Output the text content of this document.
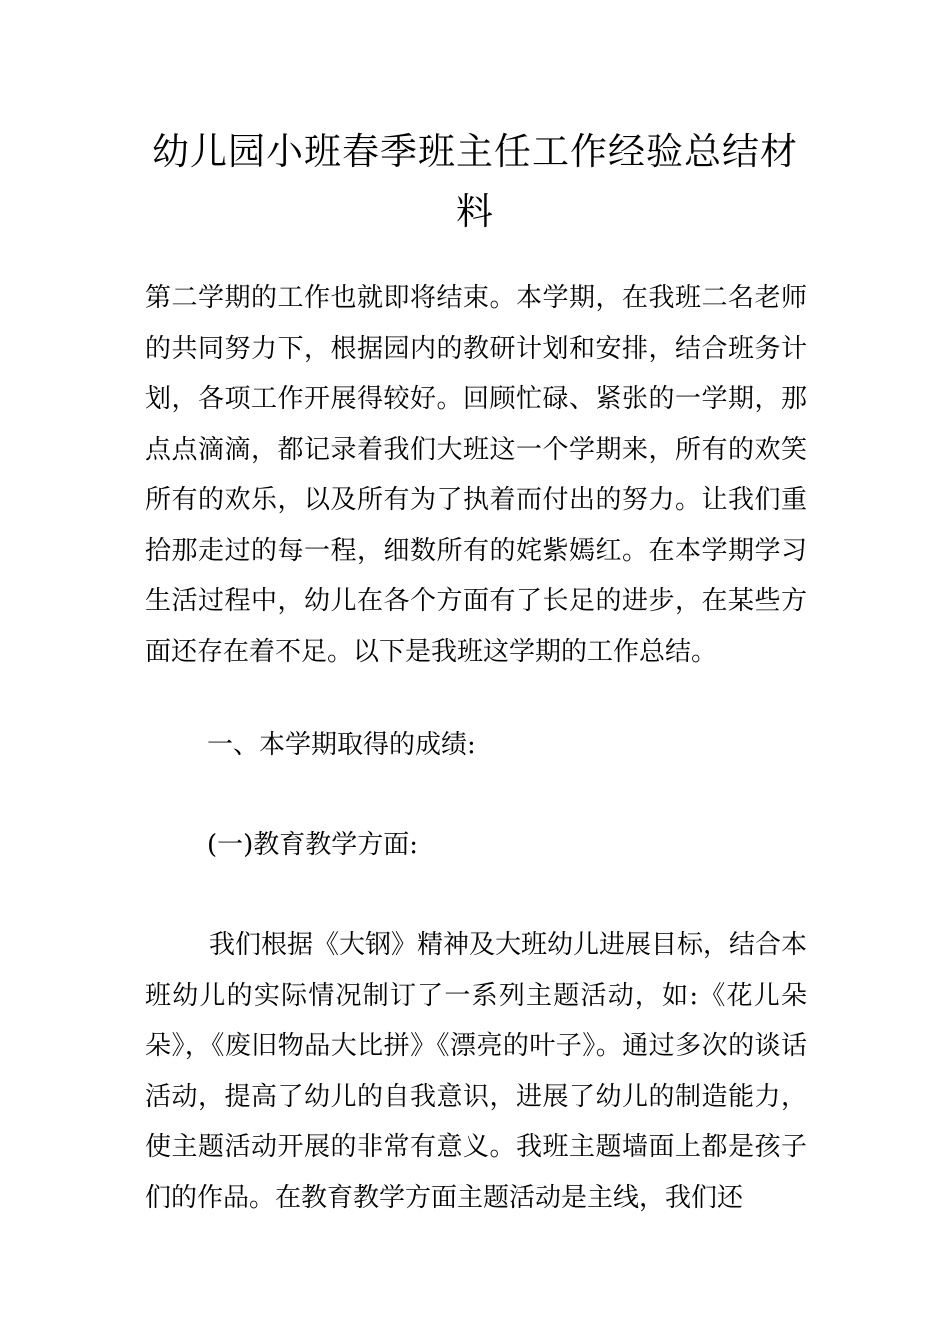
幼儿园小班春季班主任工作经验总结材料

第二学期的工作也就即将结束。本学期，在我班二名老师的共同努力下，根据园内的教研计划和安排，结合班务计划，各项工作开展得较好。回顾忙碌、紧张的一学期，那点点滴滴，都记录着我们大班这一个学期来，所有的欢笑所有的欢乐，以及所有为了执着而付出的努力。让我们重拾那走过的每一程，细数所有的姹紫嫣红。在本学期学习生活过程中，幼儿在各个方面有了长足的进步，在某些方面还存在着不足。以下是我班这学期的工作总结。

一、本学期取得的成绩:

(一)教育教学方面:

我们根据《大钢》精神及大班幼儿进展目标，结合本班幼儿的实际情况制订了一系列主题活动，如:《花儿朵朵》，《废旧物品大比拼》《漂亮的叶子》。通过多次的谈话活动，提高了幼儿的自我意识，进展了幼儿的制造能力，使主题活动开展的非常有意义。我班主题墙面上都是孩子们的作品。在教育教学方面主题活动是主线，我们还
